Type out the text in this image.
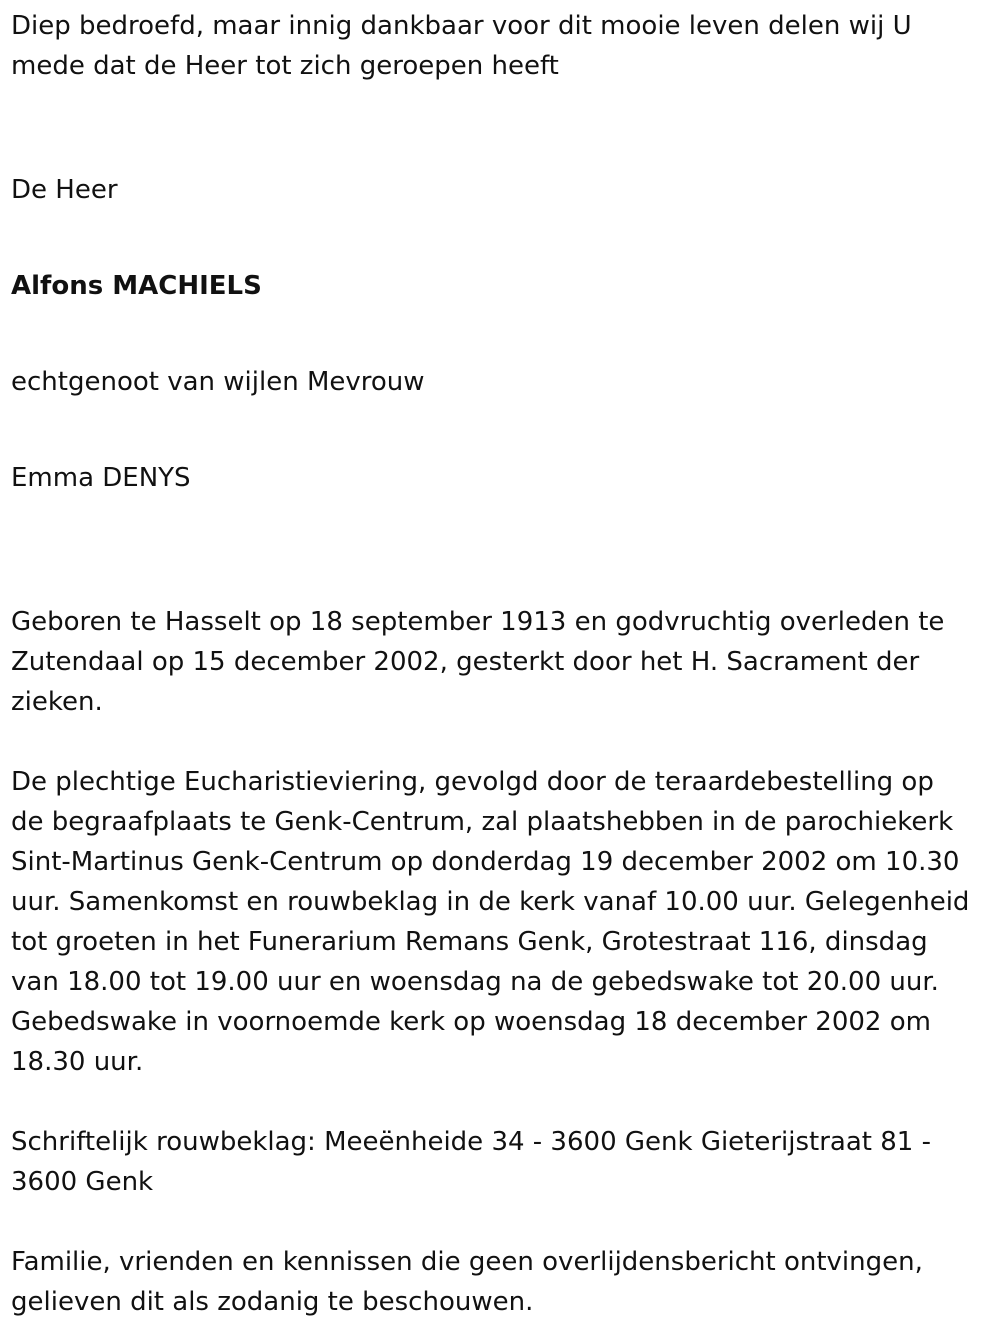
Diep bedroefd, maar innig dankbaar voor dit mooie leven delen wij U
mede dat de Heer tot zich geroepen heeft

De Heer

Alfons MACHIELS

echtgenoot van wijlen Mevrouw

Emma DENYS

Geboren te Hasselt op 18 september 1913 en godvruchtig overleden te
Zutendaal op 15 december 2002, gesterkt door het H. Sacrament der
zieken.

De plechtige Eucharistieviering, gevolgd door de teraardebestelling op
de begraafplaats te Genk-Centrum, zal plaatshebben in de parochiekerk
Sint-Martinus Genk-Centrum op donderdag 19 december 2002 om 10.30
uur. Samenkomst en rouwbeklag in de kerk vanaf 10.00 uur. Gelegenheid
tot groeten in het Funerarium Remans Genk, Grotestraat 116, dinsdag
van 18.00 tot 19.00 uur en woensdag na de gebedswake tot 20.00 uur.
Gebedswake in voornoemde kerk op woensdag 18 december 2002 om
18.30 uur.

Schriftelijk rouwbeklag: Meeënheide 34 - 3600 Genk Gieterijstraat 81 -
3600 Genk

Familie, vrienden en kennissen die geen overlijdensbericht ontvingen,
gelieven dit als zodanig te beschouwen.
